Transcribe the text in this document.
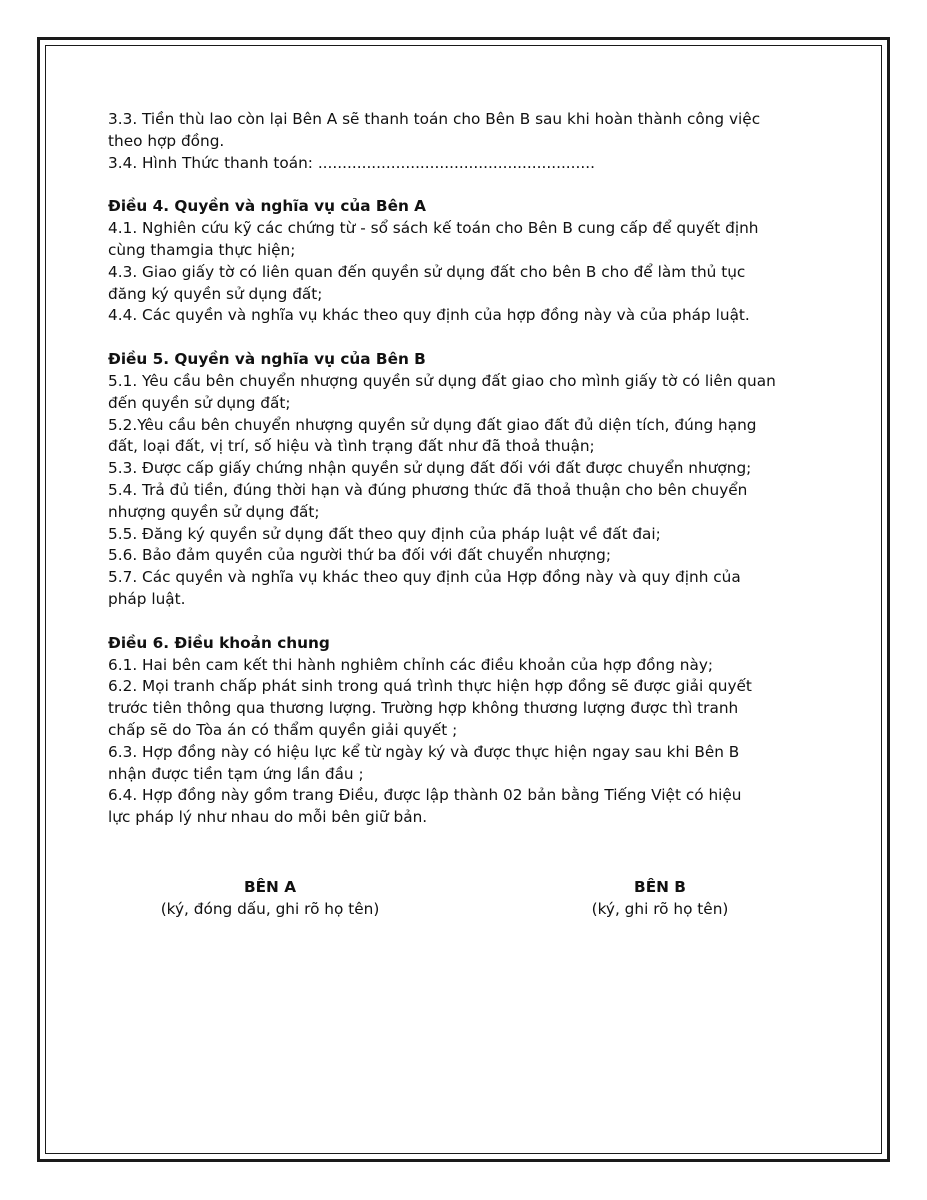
3.3. Tiền thù lao còn lại Bên A sẽ thanh toán cho Bên B sau khi hoàn thành công việc

theo hợp đồng.

3.4. Hình Thức thanh toán: .........................................................

Điều 4. Quyền và nghĩa vụ của Bên A

4.1. Nghiên cứu kỹ các chứng từ - sổ sách kế toán cho Bên B cung cấp để quyết định

cùng thamgia thực hiện;

4.3. Giao giấy tờ có liên quan đến quyền sử dụng đất cho bên B cho để làm thủ tục

đăng ký quyền sử dụng đất;

4.4. Các quyền và nghĩa vụ khác theo quy định của hợp đồng này và của pháp luật.

Điều 5. Quyền và nghĩa vụ của Bên B

5.1. Yêu cầu bên chuyển nhượng quyền sử dụng đất giao cho mình giấy tờ có liên quan

đến quyền sử dụng đất;

5.2.Yêu cầu bên chuyển nhượng quyền sử dụng đất giao đất đủ diện tích, đúng hạng

đất, loại đất, vị trí, số hiệu và tình trạng đất như đã thoả thuận;

5.3. Được cấp giấy chứng nhận quyền sử dụng đất đối với đất được chuyển nhượng;

5.4. Trả đủ tiền, đúng thời hạn và đúng phương thức đã thoả thuận cho bên chuyển

nhượng quyền sử dụng đất;

5.5. Đăng ký quyền sử dụng đất theo quy định của pháp luật về đất đai;

5.6. Bảo đảm quyền của người thứ ba đối với đất chuyển nhượng;

5.7. Các quyền và nghĩa vụ khác theo quy định của Hợp đồng này và quy định của

pháp luật.

Điều 6. Điều khoản chung

6.1. Hai bên cam kết thi hành nghiêm chỉnh các điều khoản của hợp đồng này;

6.2. Mọi tranh chấp phát sinh trong quá trình thực hiện hợp đồng sẽ được giải quyết

trước tiên thông qua thương lượng. Trường hợp không thương lượng được thì tranh

chấp sẽ do Tòa án có thẩm quyền giải quyết ;

6.3. Hợp đồng này có hiệu lực kể từ ngày ký và được thực hiện ngay sau khi Bên B

nhận được tiền tạm ứng lần đầu ;

6.4. Hợp đồng này gồm trang Điều, được lập thành 02 bản bằng Tiếng Việt có hiệu

lực pháp lý như nhau do mỗi bên giữ bản.

BÊN A
(ký, đóng dấu, ghi rõ họ tên)
BÊN B
(ký, ghi rõ họ tên)
